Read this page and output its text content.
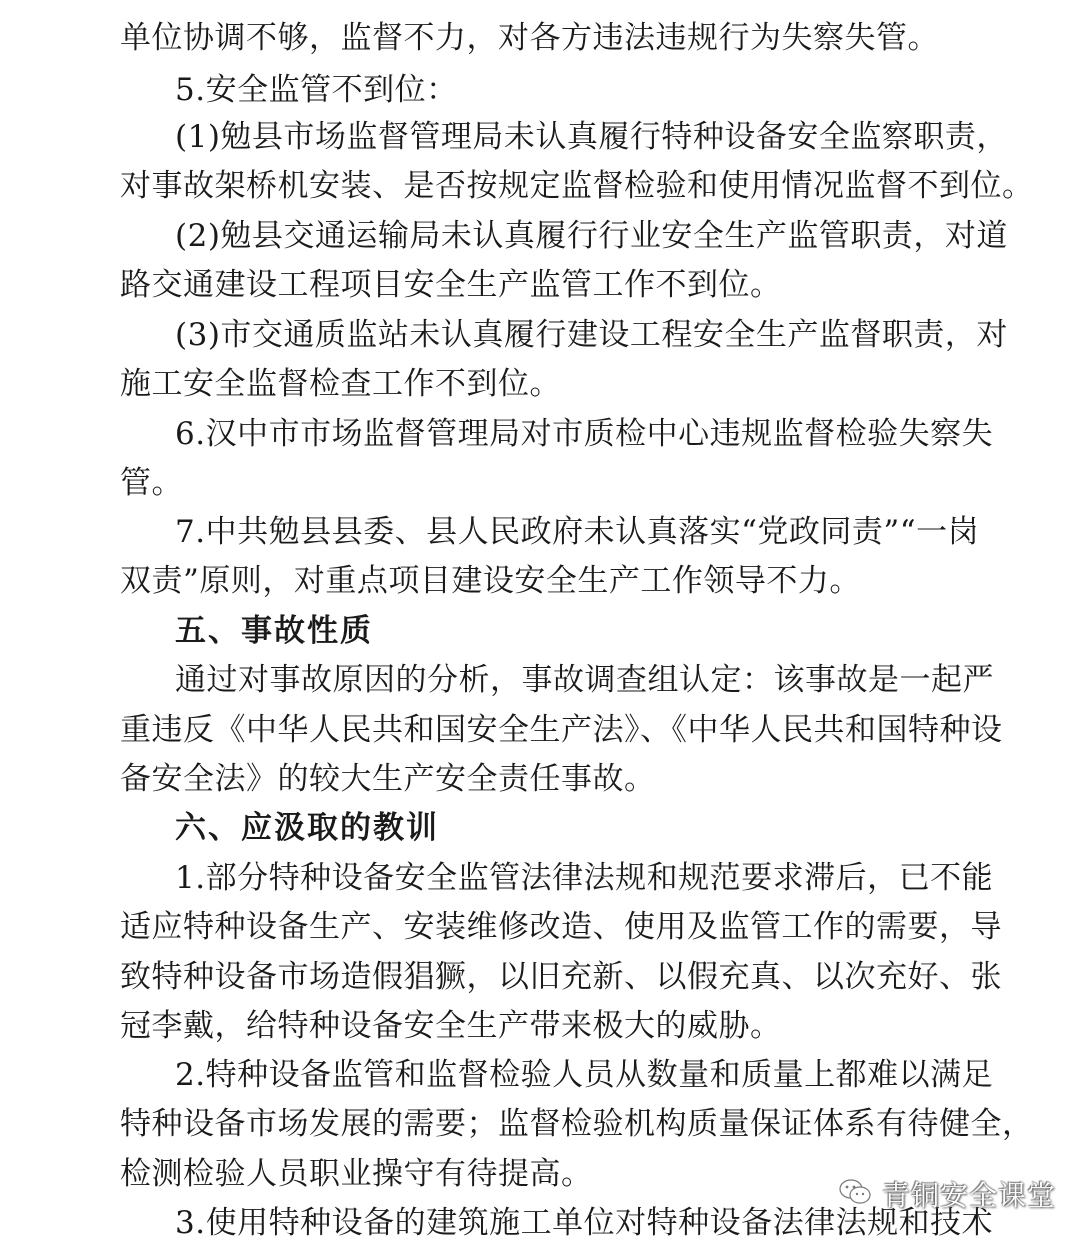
单位协调不够，监督不力，对各方违法违规行为失察失管。
5.安全监管不到位：
(1)勉县市场监督管理局未认真履行特种设备安全监察职责，
对事故架桥机安装、是否按规定监督检验和使用情况监督不到位。
(2)勉县交通运输局未认真履行行业安全生产监管职责，对道
路交通建设工程项目安全生产监管工作不到位。
(3)市交通质监站未认真履行建设工程安全生产监督职责，对
施工安全监督检查工作不到位。
6.汉中市市场监督管理局对市质检中心违规监督检验失察失
管。
7.中共勉县县委、县人民政府未认真落实“党政同责”“一岗
双责”原则，对重点项目建设安全生产工作领导不力。
五、事故性质
通过对事故原因的分析，事故调查组认定：该事故是一起严
重违反《中华人民共和国安全生产法》、《中华人民共和国特种设
备安全法》的较大生产安全责任事故。
六、应汲取的教训
1.部分特种设备安全监管法律法规和规范要求滞后，已不能
适应特种设备生产、安装维修改造、使用及监管工作的需要，导
致特种设备市场造假猖獗，以旧充新、以假充真、以次充好、张
冠李戴，给特种设备安全生产带来极大的威胁。
2.特种设备监管和监督检验人员从数量和质量上都难以满足
特种设备市场发展的需要；监督检验机构质量保证体系有待健全，
检测检验人员职业操守有待提高。
3.使用特种设备的建筑施工单位对特种设备法律法规和技术
青铜安全课堂
